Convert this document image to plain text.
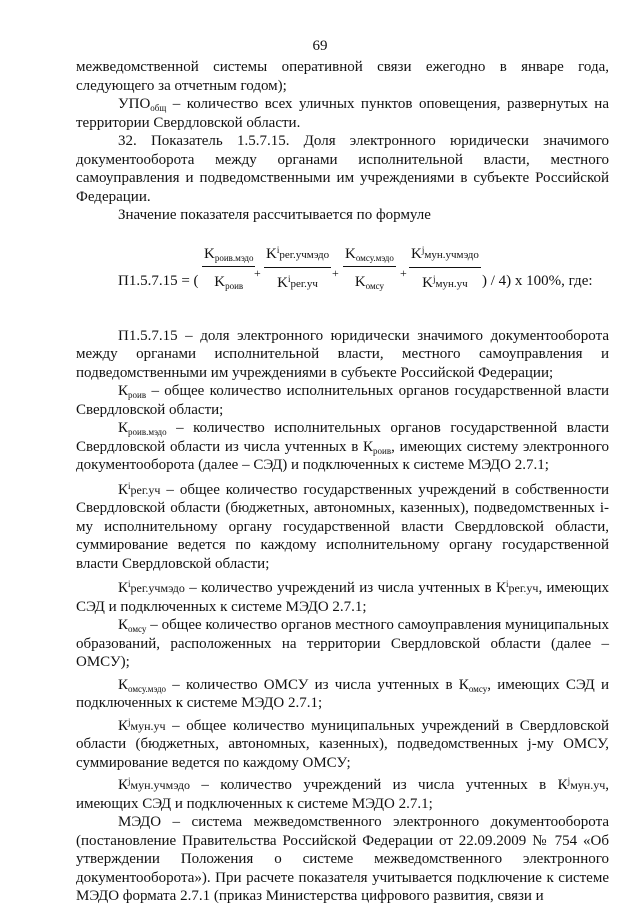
69

межведомственной системы оперативной связи ежегодно в январе года, следующего за отчетным годом);

$УПО_{общ}$ – количество всех уличных пунктов оповещения, развернутых на территории Свердловской области.

32. Показатель 1.5.7.15. Доля электронного юридически значимого документооборота между органами исполнительной власти, местного самоуправления и подведомственными им учреждениями в субъекте Российской Федерации.

Значение показателя рассчитывается по формуле

П1.5.7.15 = (
$K_{роив.мэдо}$
$K_{роив}$
+
$K^iрег.учмэдо$
$K^iрег.уч$
+
$K_{омсу.мэдо}$
$K_{омсу}$
+
$K^jмун.учмэдо$
$K^jмун.уч$ ) / 4) х 100%, где:

П1.5.7.15 – доля электронного юридически значимого документооборота между органами исполнительной власти, местного самоуправления и подведомственными им учреждениями в субъекте Российской Федерации;

$К_{роив}$ – общее количество исполнительных органов государственной власти Свердловской области;

$К_{роив.мэдо}$ – количество исполнительных органов государственной власти Свердловской области из числа учтенных в $К_{роив}$, имеющих систему электронного документооборота (далее – СЭД) и подключенных к системе МЭДО 2.7.1;

$К^iрег.уч$ – общее количество государственных учреждений в собственности Свердловской области (бюджетных, автономных, казенных), подведомственных i-му исполнительному органу государственной власти Свердловской области, суммирование ведется по каждому исполнительному органу государственной власти Свердловской области;

$К^iрег.учмэдо$ – количество учреждений из числа учтенных в $К^iрег.уч$, имеющих СЭД и подключенных к системе МЭДО 2.7.1;

$К_{омсу}$ – общее количество органов местного самоуправления муниципальных образований, расположенных на территории Свердловской области (далее – ОМСУ);

$К_{омсу.мэдо}$ – количество ОМСУ из числа учтенных в $К_{омсу}$, имеющих СЭД и подключенных к системе МЭДО 2.7.1;

$К^jмун.уч$ – общее количество муниципальных учреждений в Свердловской области (бюджетных, автономных, казенных), подведомственных j-му ОМСУ, суммирование ведется по каждому ОМСУ;

$К^jмун.учмэдо$ – количество учреждений из числа учтенных в $К^jмун.уч$, имеющих СЭД и подключенных к системе МЭДО 2.7.1;

МЭДО – система межведомственного электронного документооборота (постановление Правительства Российской Федерации от 22.09.2009 № 754 «Об утверждении Положения о системе межведомственного электронного документооборота»). При расчете показателя учитывается подключение к системе МЭДО формата 2.7.1 (приказ Министерства цифрового развития, связи и
